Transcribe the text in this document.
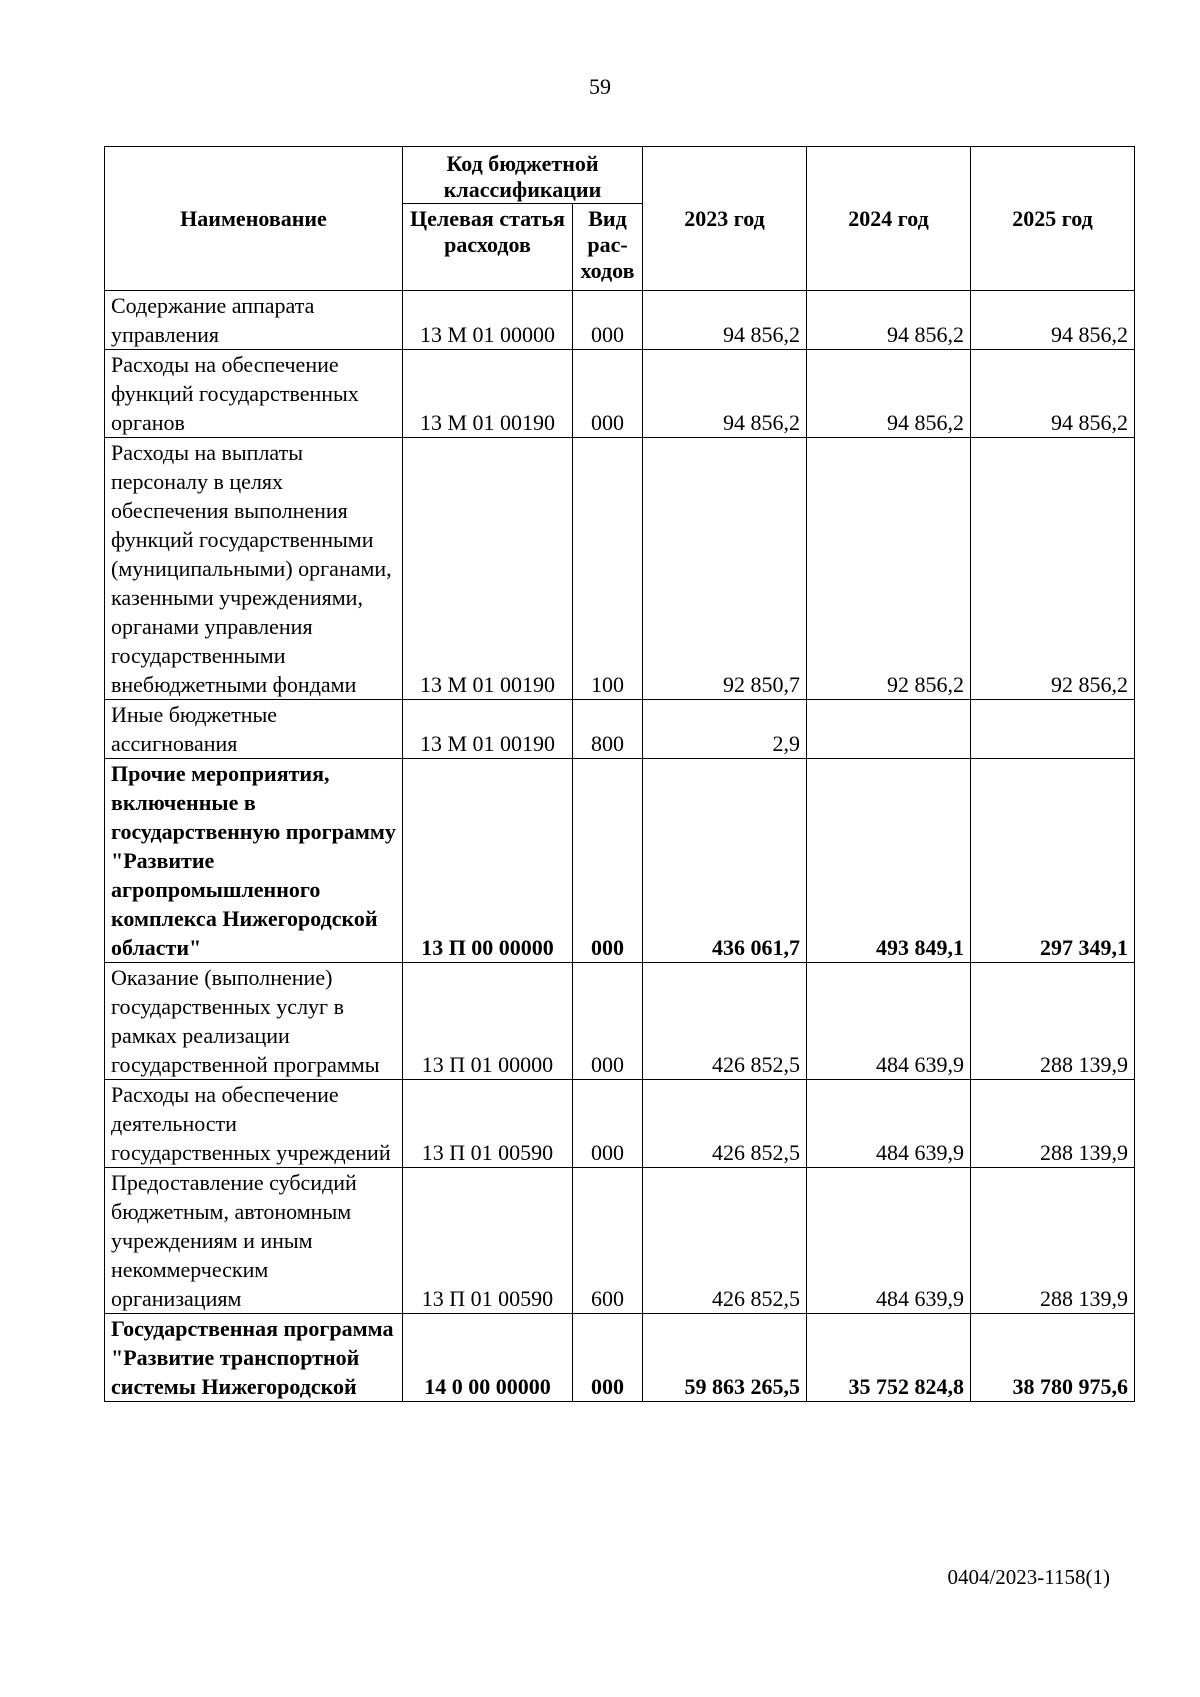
59
Наименование	Код бюджетной классификации		2023 год	2024 год	2025 год
	Целевая статья расходов	Вид рас-ходов			
Содержание аппарата управления	13 М 01 00000	000	94 856,2	94 856,2	94 856,2
Расходы на обеспечение функций государственных органов	13 М 01 00190	000	94 856,2	94 856,2	94 856,2
Расходы на выплаты персоналу в целях обеспечения выполнения функций государственными (муниципальными) органами, казенными учреждениями, органами управления государственными внебюджетными фондами	13 М 01 00190	100	92 850,7	92 856,2	92 856,2
Иные бюджетные ассигнования	13 М 01 00190	800	2,9		
Прочие мероприятия, включенные в государственную программу "Развитие агропромышленного комплекса Нижегородской области"	13 П 00 00000	000	436 061,7	493 849,1	297 349,1
Оказание (выполнение) государственных услуг в рамках реализации государственной программы	13 П 01 00000	000	426 852,5	484 639,9	288 139,9
Расходы на обеспечение деятельности государственных учреждений	13 П 01 00590	000	426 852,5	484 639,9	288 139,9
Предоставление субсидий бюджетным, автономным учреждениям и иным некоммерческим организациям	13 П 01 00590	600	426 852,5	484 639,9	288 139,9
Государственная программа "Развитие транспортной системы Нижегородской	14 0 00 00000	000	59 863 265,5	35 752 824,8	38 780 975,6
0404/2023-1158(1)
